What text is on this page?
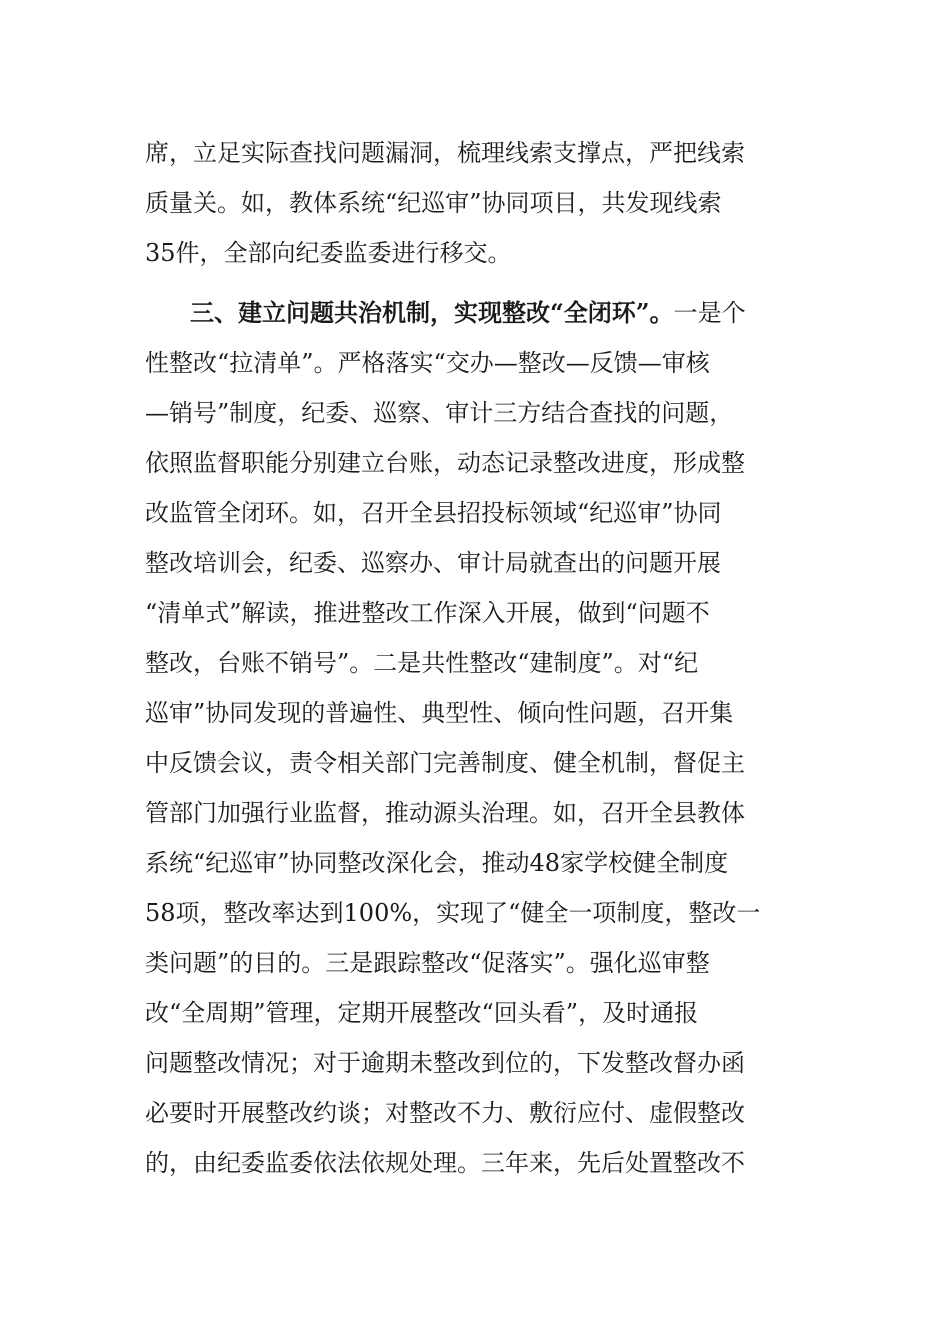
席，立足实际查找问题漏洞，梳理线索支撑点，严把线索
质量关。如，教体系统“纪巡审”协同项目，共发现线索
35件，全部向纪委监委进行移交。
三、建立问题共治机制，实现整改“全闭环”。一是个
性整改“拉清单”。严格落实“交办—整改—反馈—审核
—销号”制度，纪委、巡察、审计三方结合查找的问题，
依照监督职能分别建立台账，动态记录整改进度，形成整
改监管全闭环。如，召开全县招投标领域“纪巡审”协同
整改培训会，纪委、巡察办、审计局就查出的问题开展
“清单式”解读，推进整改工作深入开展，做到“问题不
整改，台账不销号”。二是共性整改“建制度”。对“纪
巡审”协同发现的普遍性、典型性、倾向性问题，召开集
中反馈会议，责令相关部门完善制度、健全机制，督促主
管部门加强行业监督，推动源头治理。如，召开全县教体
系统“纪巡审”协同整改深化会，推动48家学校健全制度
58项，整改率达到100%，实现了“健全一项制度，整改一
类问题”的目的。三是跟踪整改“促落实”。强化巡审整
改“全周期”管理，定期开展整改“回头看”，及时通报
问题整改情况；对于逾期未整改到位的，下发整改督办函
必要时开展整改约谈；对整改不力、敷衍应付、虚假整改
的，由纪委监委依法依规处理。三年来，先后处置整改不
